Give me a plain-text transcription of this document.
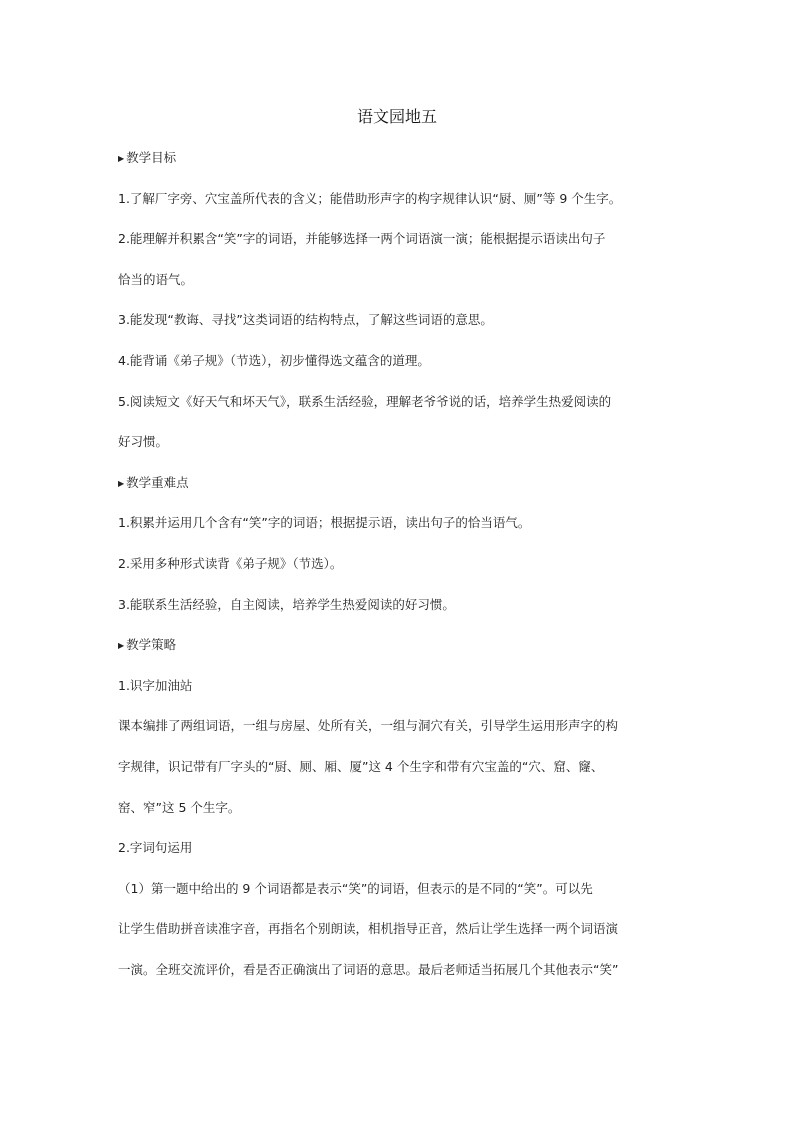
语文园地五
▶ 教学目标
1.了解厂字旁、穴宝盖所代表的含义；能借助形声字的构字规律认识“厨、厕”等 9 个生字。
2.能理解并积累含“笑”字的词语，并能够选择一两个词语演一演；能根据提示语读出句子
恰当的语气。
3.能发现“教诲、寻找”这类词语的结构特点，了解这些词语的意思。
4.能背诵《弟子规》（节选），初步懂得选文蕴含的道理。
5.阅读短文《好天气和坏天气》，联系生活经验，理解老爷爷说的话，培养学生热爱阅读的
好习惯。
▶ 教学重难点
1.积累并运用几个含有“笑”字的词语；根据提示语，读出句子的恰当语气。
2.采用多种形式读背《弟子规》（节选）。
3.能联系生活经验，自主阅读，培养学生热爱阅读的好习惯。
▶ 教学策略
1.识字加油站
课本编排了两组词语，一组与房屋、处所有关，一组与洞穴有关，引导学生运用形声字的构
字规律，识记带有厂字头的“厨、厕、厢、厦”这 4 个生字和带有穴宝盖的“穴、窟、窿、
窑、窄”这 5 个生字。
2.字词句运用
（1）第一题中给出的 9 个词语都是表示“笑”的词语，但表示的是不同的“笑”。可以先
让学生借助拼音读准字音，再指名个别朗读，相机指导正音，然后让学生选择一两个词语演
一演。全班交流评价，看是否正确演出了词语的意思。最后老师适当拓展几个其他表示“笑”
